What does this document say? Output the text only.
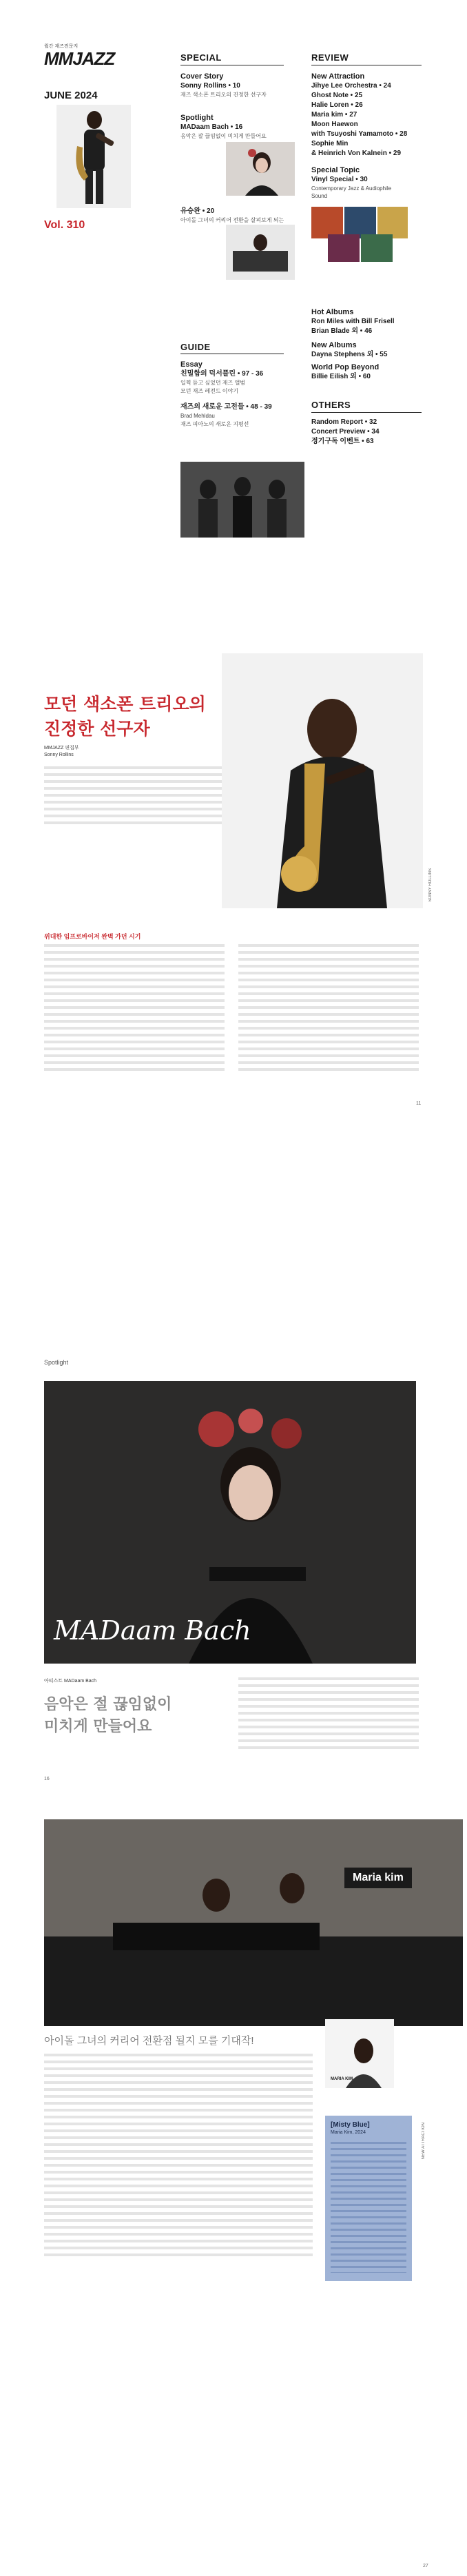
월간 재즈전문지
MMJAZZ
JUNE 2024
Vol. 310
SPECIAL
Cover Story
Sonny Rollins • 10
재즈 색소폰 트리오의 진정한 선구자
Spotlight
MADaam Bach • 16
음악은 잘 끊임없이 미치게 만들어요
유승완 • 20
아이돌 그녀의 커리어 전환을 살펴보게 되는
GUIDE
Essay
친밀함의 덕서플린 • 97 - 36
REVIEW
New Attraction
Jihye Lee Orchestra • 24
Ghost Note • 25
Halie Loren • 26
Maria kim • 27
Moon Haewon
with Tsuyoshi Yamamoto • 28
Sophie Min
& Heinrich Von Kalnein • 29
Special Topic
Vinyl Special • 30
Contemporary Jazz & Audiophile Sound
Hot Albums
Ron Miles with Bill Frisell
Brian Blade 외 • 46
New Albums
Dayna Stephens 외 • 55
World Pop Beyond
Billie Eilish 외 • 60
일찍 듣고 싶었던 재즈 앨범
모던 재즈 레전드 이야기
재즈의 새로운 고전들 • 48 - 39
Brad Mehldau
재즈 피아노의 새로운 지평선
OTHERS
Random Report • 32
Concert Preview • 34
정기구독 이벤트 • 63
모던 색소폰 트리오의
진정한 선구자
MMJAZZ 편집부
Sonny Rollins
SONNY ROLLINS
위대한 임프로바이저 완벽 가던 시기
11
Spotlight
MADaam Bach
아티스트 MADaam Bach
음악은 절 끊임없이
미치게 만들어요
16
Maria kim
아이돌 그녀의 커리어 전환점 될지 모를 기대작!
MARIA KIM
[Misty Blue]
Maria Kim, 2024	NEW ATTRACTION
27
